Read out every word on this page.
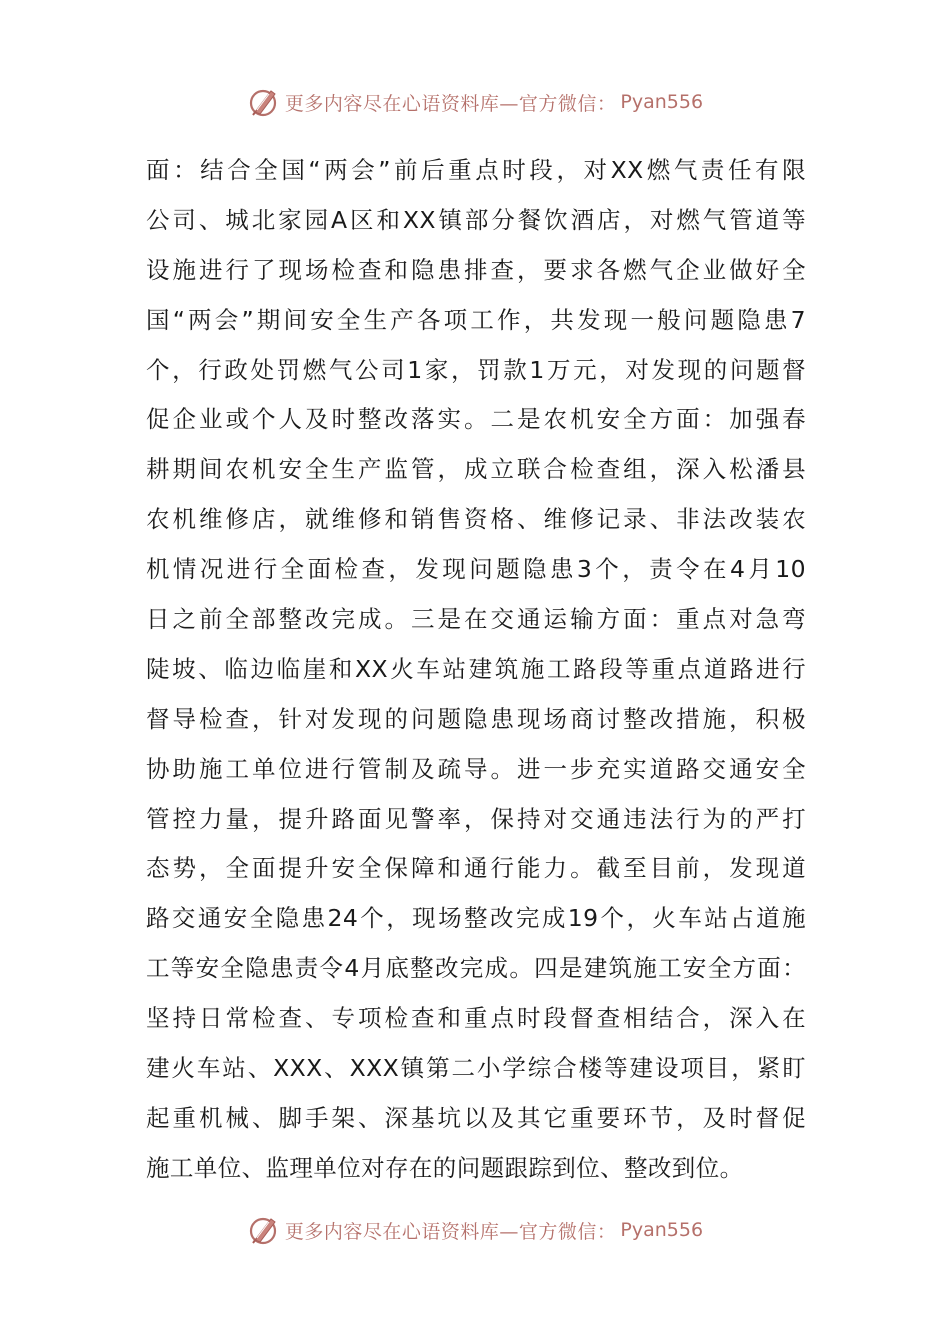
更多内容尽在心语资料库—官方微信： Pyan556
面：结合全国“两会”前后重点时段，对XX燃气责任有限
公司、城北家园A区和XX镇部分餐饮酒店，对燃气管道等
设施进行了现场检查和隐患排查，要求各燃气企业做好全
国“两会”期间安全生产各项工作，共发现一般问题隐患7
个，行政处罚燃气公司1家，罚款1万元，对发现的问题督
促企业或个人及时整改落实。二是农机安全方面：加强春
耕期间农机安全生产监管，成立联合检查组，深入松潘县
农机维修店，就维修和销售资格、维修记录、非法改装农
机情况进行全面检查，发现问题隐患3个，责令在4月10
日之前全部整改完成。三是在交通运输方面：重点对急弯
陡坡、临边临崖和XX火车站建筑施工路段等重点道路进行
督导检查，针对发现的问题隐患现场商讨整改措施，积极
协助施工单位进行管制及疏导。进一步充实道路交通安全
管控力量，提升路面见警率，保持对交通违法行为的严打
态势，全面提升安全保障和通行能力。截至目前，发现道
路交通安全隐患24个，现场整改完成19个，火车站占道施
工等安全隐患责令4月底整改完成。四是建筑施工安全方面：
坚持日常检查、专项检查和重点时段督查相结合，深入在
建火车站、XXX、XXX镇第二小学综合楼等建设项目，紧盯
起重机械、脚手架、深基坑以及其它重要环节，及时督促
施工单位、监理单位对存在的问题跟踪到位、整改到位。
更多内容尽在心语资料库—官方微信： Pyan556
